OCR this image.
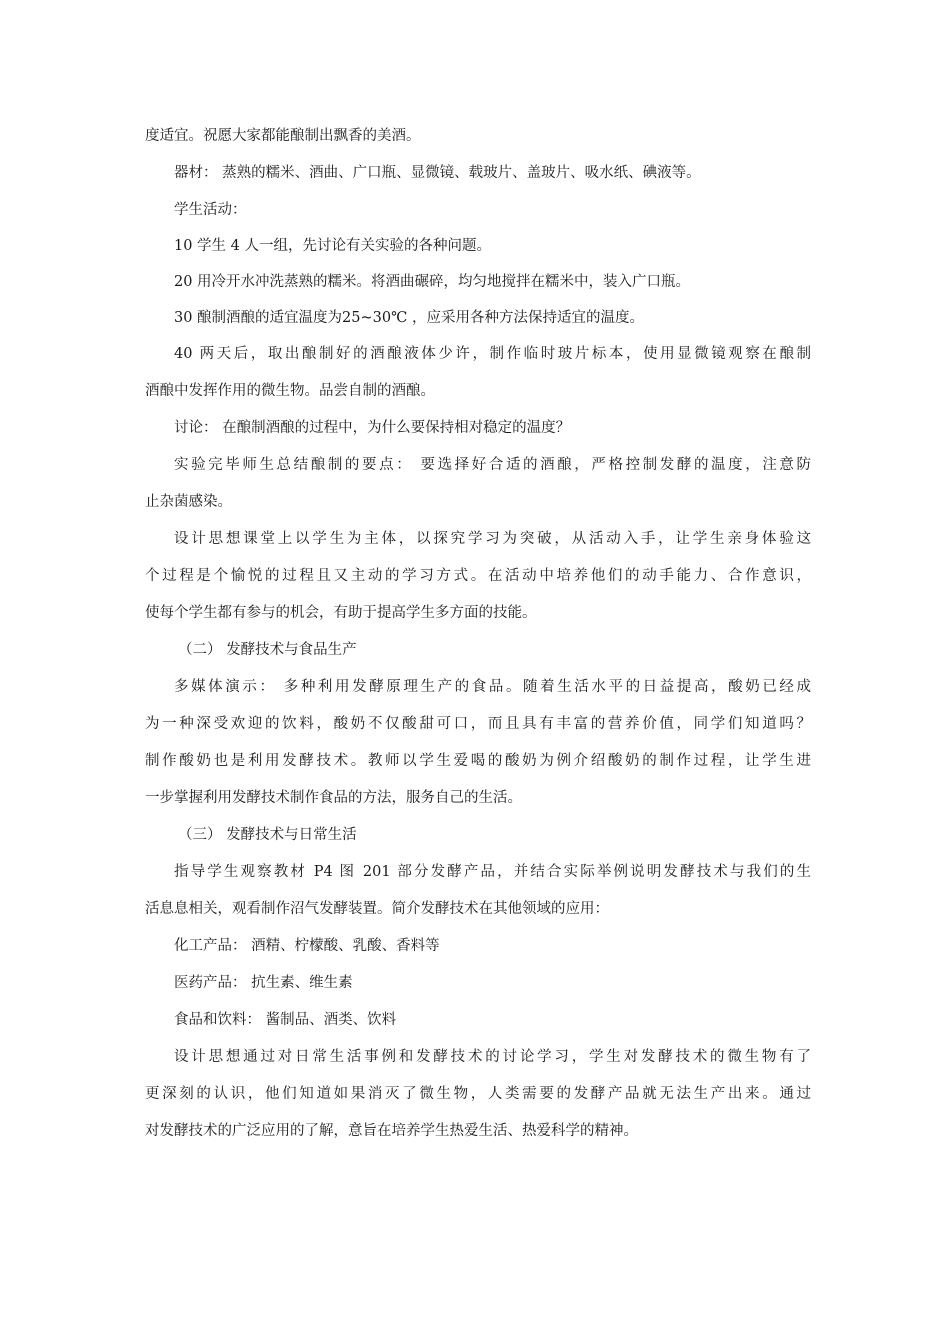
度适宜。祝愿大家都能酿制出飘香的美酒。
器材： 蒸熟的糯米、酒曲、广口瓶、显微镜、载玻片、盖玻片、吸水纸、碘液等。
学生活动：
10 学生 4 人一组，先讨论有关实验的各种问题。
20 用冷开水冲洗蒸熟的糯米。将酒曲碾碎，均匀地搅拌在糯米中，装入广口瓶。
30 酿制酒酿的适宜温度为25~30℃ ，应采用各种方法保持适宜的温度。
40 两天后，取出酿制好的酒酿液体少许，制作临时玻片标本，使用显微镜观察在酿制
酒酿中发挥作用的微生物。品尝自制的酒酿。
讨论： 在酿制酒酿的过程中，为什么要保持相对稳定的温度？
实验完毕师生总结酿制的要点： 要选择好合适的酒酿，严格控制发酵的温度，注意防
止杂菌感染。
设计思想课堂上以学生为主体，以探究学习为突破，从活动入手，让学生亲身体验这
个过程是个愉悦的过程且又主动的学习方式。在活动中培养他们的动手能力、合作意识，
使每个学生都有参与的机会，有助于提高学生多方面的技能。
（二） 发酵技术与食品生产
多媒体演示： 多种利用发酵原理生产的食品。随着生活水平的日益提高，酸奶已经成
为一种深受欢迎的饮料，酸奶不仅酸甜可口，而且具有丰富的营养价值，同学们知道吗？
制作酸奶也是利用发酵技术。教师以学生爱喝的酸奶为例介绍酸奶的制作过程，让学生进
一步掌握利用发酵技术制作食品的方法，服务自己的生活。
（三） 发酵技术与日常生活
指导学生观察教材 P4 图 201 部分发酵产品，并结合实际举例说明发酵技术与我们的生
活息息相关，观看制作沼气发酵装置。简介发酵技术在其他领域的应用：
化工产品： 酒精、柠檬酸、乳酸、香料等
医药产品： 抗生素、维生素
食品和饮料： 酱制品、酒类、饮料
设计思想通过对日常生活事例和发酵技术的讨论学习，学生对发酵技术的微生物有了
更深刻的认识，他们知道如果消灭了微生物，人类需要的发酵产品就无法生产出来。通过
对发酵技术的广泛应用的了解，意旨在培养学生热爱生活、热爱科学的精神。
